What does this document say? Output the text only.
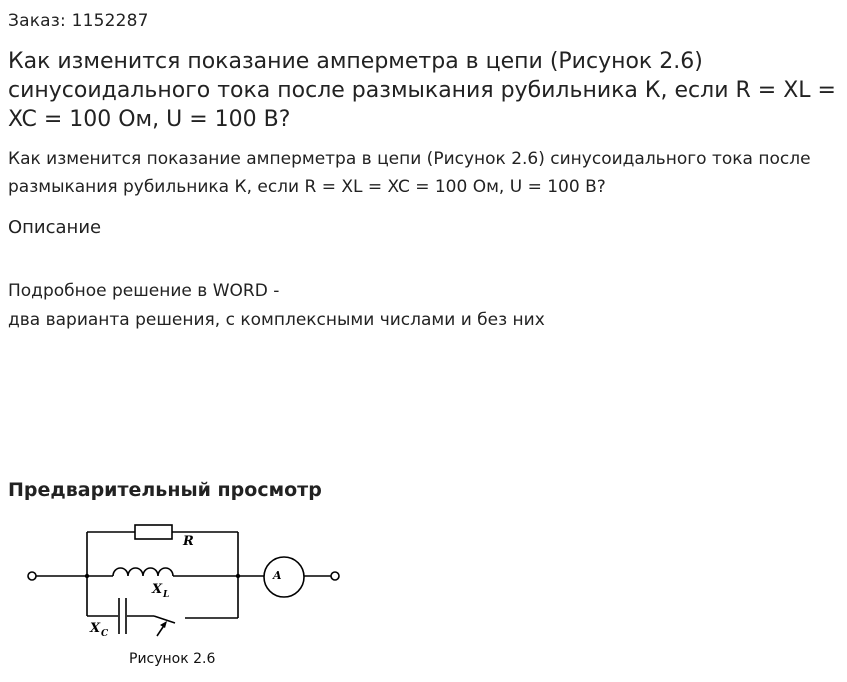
Заказ: 1152287

Как изменится показание амперметра в цепи (Рисунок 2.6) синусоидального тока после размыкания рубильника К, если R = XL = XC = 100 Ом, U = 100 В?

Как изменится показание амперметра в цепи (Рисунок 2.6) синусоидального тока после размыкания рубильника К, если R = XL = XC = 100 Ом, U = 100 В?

Описание

Подробное решение в WORD -

два варианта решения, с комплексными числами и без них

Предварительный просмотр
R
X L
X C
A
Рисунок 2.6
